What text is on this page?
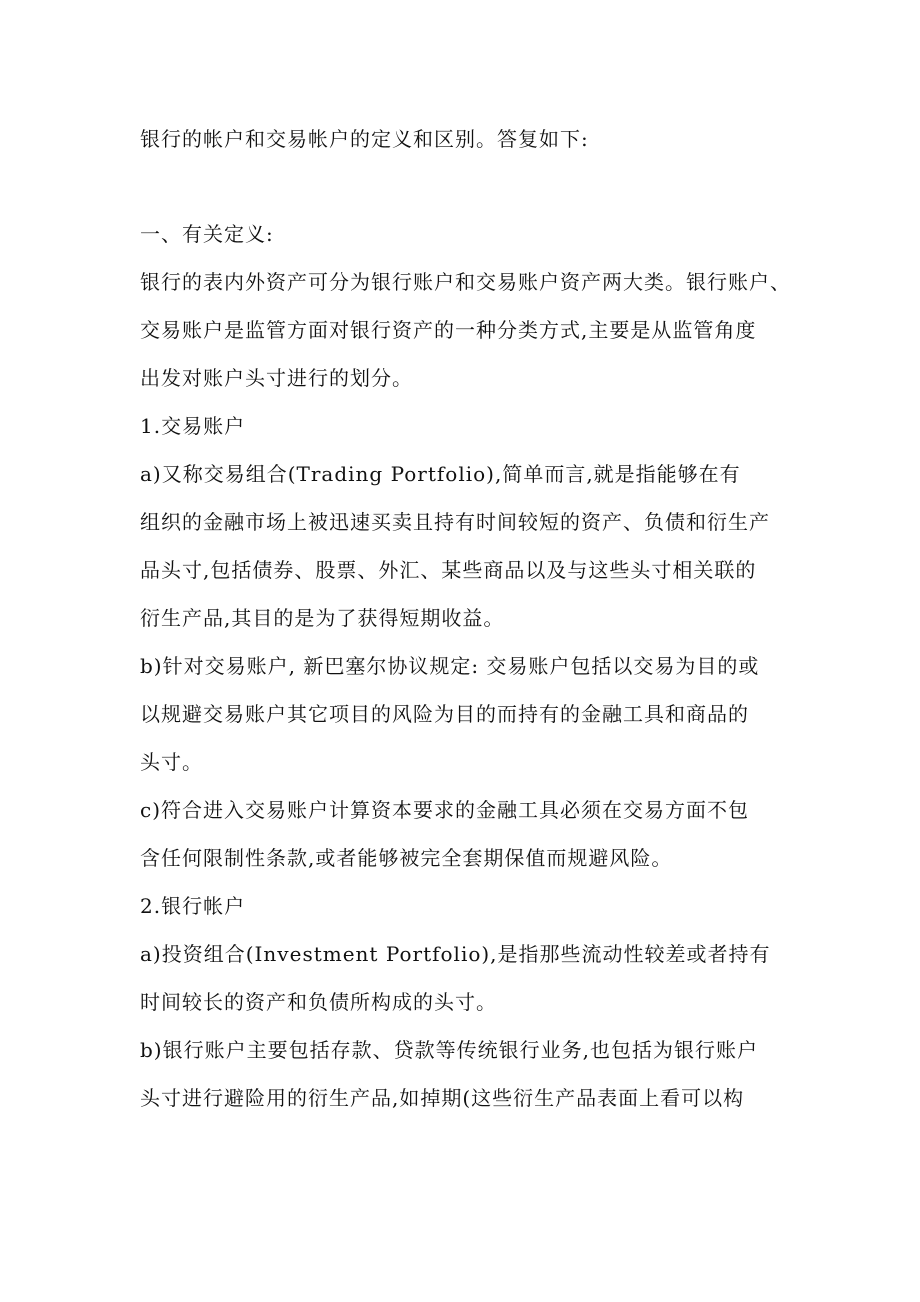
银行的帐户和交易帐户的定义和区别。答复如下:
一、有关定义:
银行的表内外资产可分为银行账户和交易账户资产两大类。银行账户、
交易账户是监管方面对银行资产的一种分类方式,主要是从监管角度
出发对账户头寸进行的划分。
1.交易账户
a)又称交易组合(Trading Portfolio),简单而言,就是指能够在有
组织的金融市场上被迅速买卖且持有时间较短的资产、负债和衍生产
品头寸,包括债券、股票、外汇、某些商品以及与这些头寸相关联的
衍生产品,其目的是为了获得短期收益。
b)针对交易账户, 新巴塞尔协议规定: 交易账户包括以交易为目的或
以规避交易账户其它项目的风险为目的而持有的金融工具和商品的
头寸。
c)符合进入交易账户计算资本要求的金融工具必须在交易方面不包
含任何限制性条款,或者能够被完全套期保值而规避风险。
2.银行帐户
a)投资组合(Investment Portfolio),是指那些流动性较差或者持有
时间较长的资产和负债所构成的头寸。
b)银行账户主要包括存款、贷款等传统银行业务,也包括为银行账户
头寸进行避险用的衍生产品,如掉期(这些衍生产品表面上看可以构
